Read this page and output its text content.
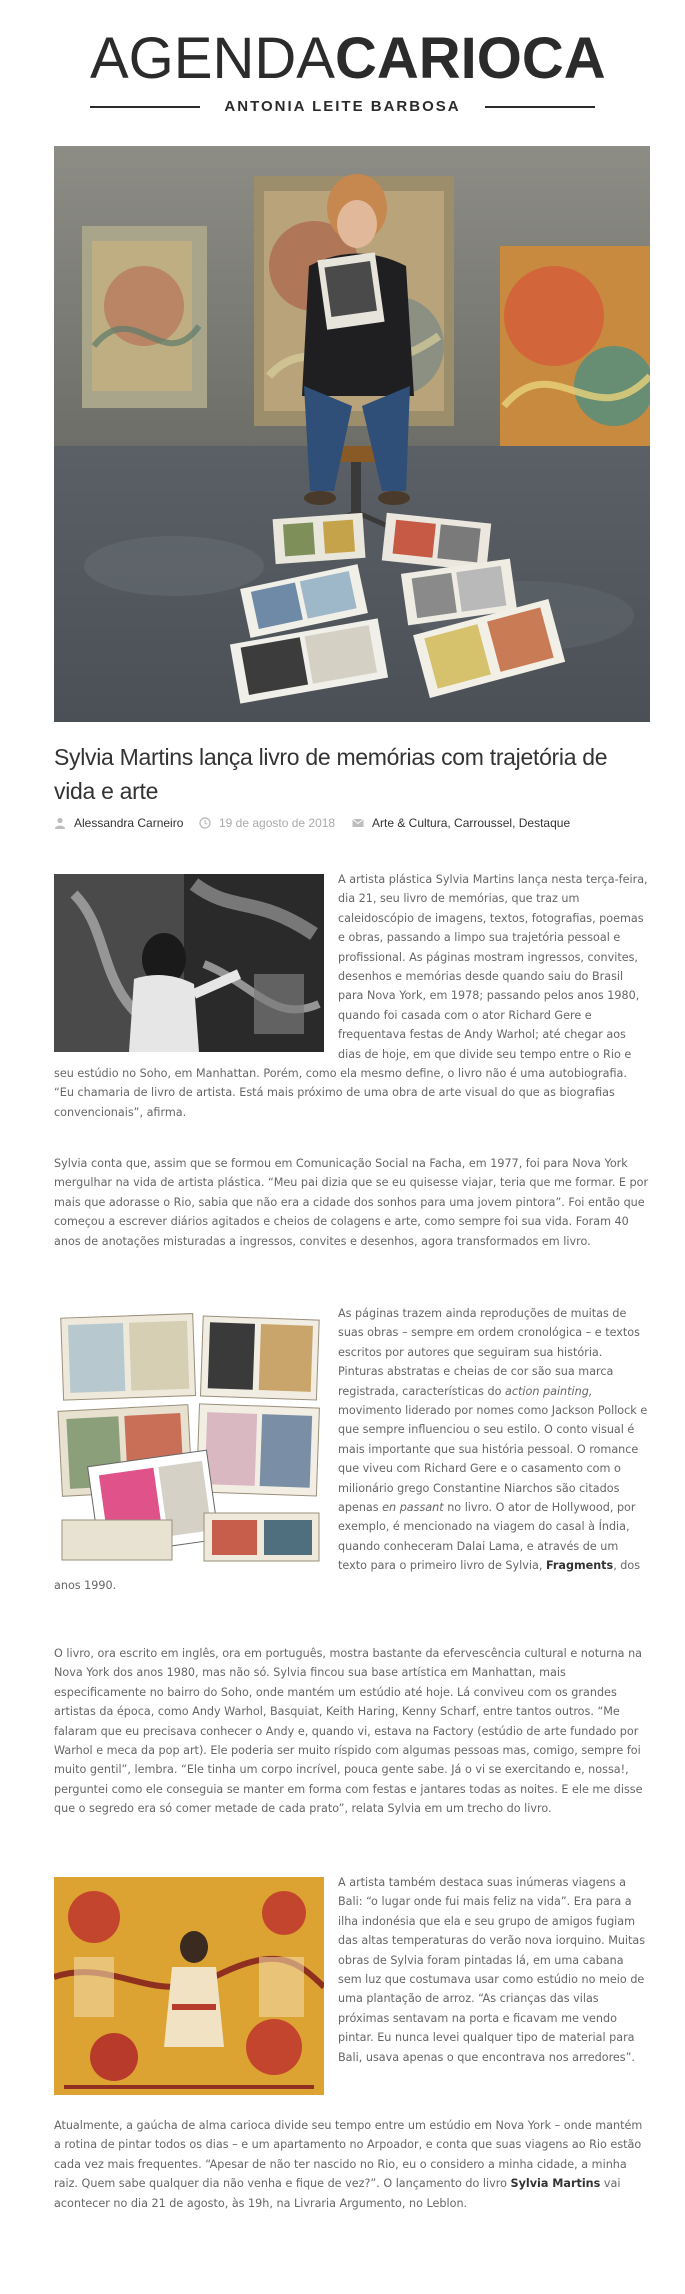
AGENDACARIOCA
ANTONIA LEITE BARBOSA
Sylvia Martins lança livro de memórias com trajetória de vida e arte
Alessandra Carneiro	19 de agosto de 2018	Arte & Cultura, Carroussel, Destaque
A artista plástica Sylvia Martins lança nesta terça-feira, dia 21, seu livro de memórias, que traz um caleidoscópio de imagens, textos, fotografias, poemas e obras, passando a limpo sua trajetória pessoal e profissional. As páginas mostram ingressos, convites, desenhos e memórias desde quando saiu do Brasil para Nova York, em 1978; passando pelos anos 1980, quando foi casada com o ator Richard Gere e frequentava festas de Andy Warhol; até chegar aos dias de hoje, em que divide seu tempo entre o Rio e seu estúdio no Soho, em Manhattan. Porém, como ela mesmo define, o livro não é uma autobiografia. “Eu chamaria de livro de artista. Está mais próximo de uma obra de arte visual do que as biografias convencionais”, afirma.

Sylvia conta que, assim que se formou em Comunicação Social na Facha, em 1977, foi para Nova York mergulhar na vida de artista plástica. “Meu pai dizia que se eu quisesse viajar, teria que me formar. E por mais que adorasse o Rio, sabia que não era a cidade dos sonhos para uma jovem pintora”. Foi então que começou a escrever diários agitados e cheios de colagens e arte, como sempre foi sua vida. Foram 40 anos de anotações misturadas a ingressos, convites e desenhos, agora transformados em livro.

As páginas trazem ainda reproduções de muitas de suas obras – sempre em ordem cronológica – e textos escritos por autores que seguiram sua história. Pinturas abstratas e cheias de cor são sua marca registrada, características do action painting, movimento liderado por nomes como Jackson Pollock e que sempre influenciou o seu estilo. O conto visual é mais importante que sua história pessoal. O romance que viveu com Richard Gere e o casamento com o milionário grego Constantine Niarchos são citados apenas en passant no livro. O ator de Hollywood, por exemplo, é mencionado na viagem do casal à Índia, quando conheceram Dalai Lama, e através de um texto para o primeiro livro de Sylvia, Fragments, dos anos 1990.

O livro, ora escrito em inglês, ora em português, mostra bastante da efervescência cultural e noturna na Nova York dos anos 1980, mas não só. Sylvia fincou sua base artística em Manhattan, mais especificamente no bairro do Soho, onde mantém um estúdio até hoje. Lá conviveu com os grandes artistas da época, como Andy Warhol, Basquiat, Keith Haring, Kenny Scharf, entre tantos outros. “Me falaram que eu precisava conhecer o Andy e, quando vi, estava na Factory (estúdio de arte fundado por Warhol e meca da pop art). Ele poderia ser muito ríspido com algumas pessoas mas, comigo, sempre foi muito gentil”, lembra. “Ele tinha um corpo incrível, pouca gente sabe. Já o vi se exercitando e, nossa!, perguntei como ele conseguia se manter em forma com festas e jantares todas as noites. E ele me disse que o segredo era só comer metade de cada prato”, relata Sylvia em um trecho do livro.

A artista também destaca suas inúmeras viagens a Bali: “o lugar onde fui mais feliz na vida”. Era para a ilha indonésia que ela e seu grupo de amigos fugiam das altas temperaturas do verão nova iorquino. Muitas obras de Sylvia foram pintadas lá, em uma cabana sem luz que costumava usar como estúdio no meio de uma plantação de arroz. “As crianças das vilas próximas sentavam na porta e ficavam me vendo pintar. Eu nunca levei qualquer tipo de material para Bali, usava apenas o que encontrava nos arredores”.

Atualmente, a gaúcha de alma carioca divide seu tempo entre um estúdio em Nova York – onde mantém a rotina de pintar todos os dias – e um apartamento no Arpoador, e conta que suas viagens ao Rio estão cada vez mais frequentes. “Apesar de não ter nascido no Rio, eu o considero a minha cidade, a minha raiz. Quem sabe qualquer dia não venha e fique de vez?”. O lançamento do livro Sylvia Martins vai acontecer no dia 21 de agosto, às 19h, na Livraria Argumento, no Leblon.
